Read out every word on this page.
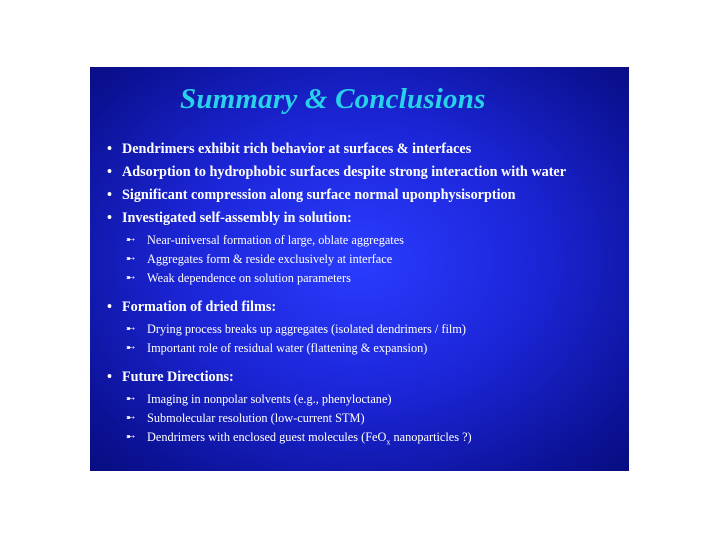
Summary & Conclusions
• Dendrimers exhibit rich behavior at surfaces & interfaces
• Adsorption to hydrophobic surfaces despite strong interaction with water
• Significant compression along surface normal uponphysisorption
• Investigated self-assembly in solution:
➸ Near-universal formation of large, oblate aggregates
➸ Aggregates form & reside exclusively at interface
➸ Weak dependence on solution parameters
• Formation of dried films:
➸ Drying process breaks up aggregates (isolated dendrimers / film)
➸ Important role of residual water (flattening & expansion)
• Future Directions:
➸ Imaging in nonpolar solvents (e.g., phenyloctane)
➸ Submolecular resolution (low-current STM)
➸ Dendrimers with enclosed guest molecules (FeO$_x$ nanoparticles ?)
